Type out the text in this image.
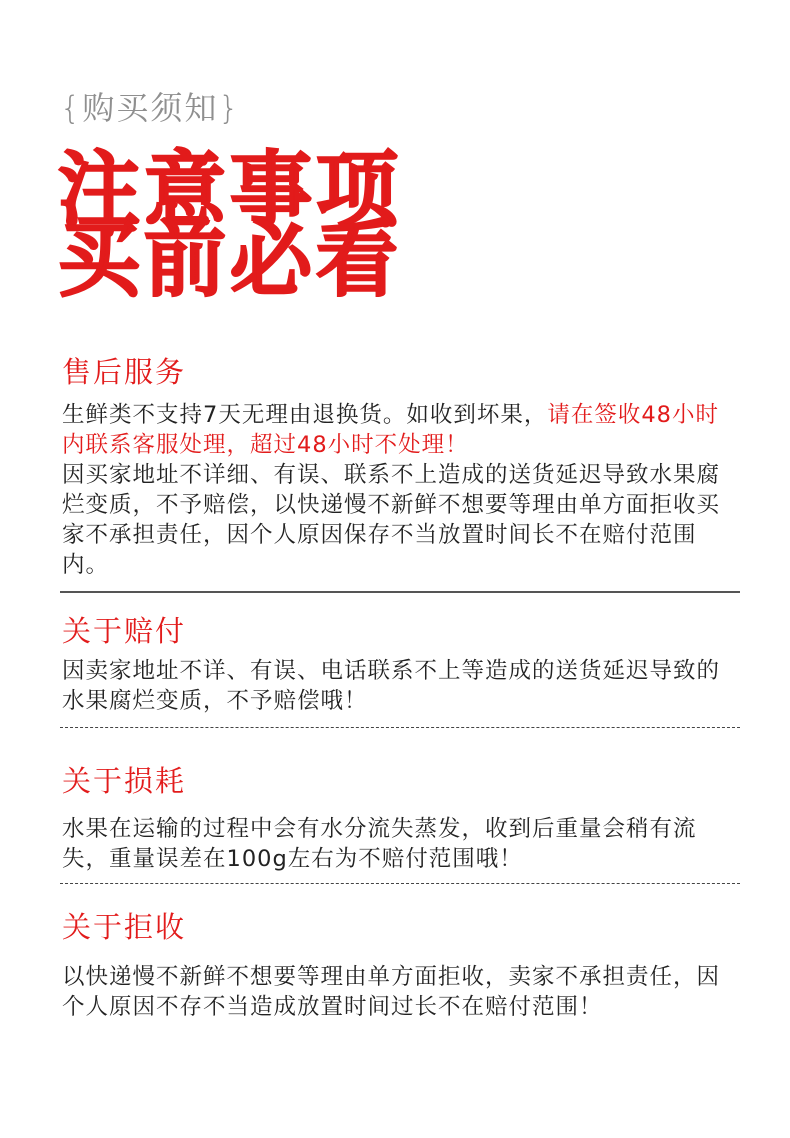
{购买须知}
注意事项
买前必看
售后服务

生鲜类不支持7天无理由退换货。如收到坏果，请在签收48小时内联系客服处理，超过48小时不处理！

因买家地址不详细、有误、联系不上造成的送货延迟导致水果腐烂变质，不予赔偿，以快递慢不新鲜不想要等理由单方面拒收买家不承担责任，因个人原因保存不当放置时间长不在赔付范围内。

关于赔付
因卖家地址不详、有误、电话联系不上等造成的送货延迟导致的水果腐烂变质，不予赔偿哦！
关于损耗
水果在运输的过程中会有水分流失蒸发，收到后重量会稍有流失，重量误差在100g左右为不赔付范围哦！
关于拒收
以快递慢不新鲜不想要等理由单方面拒收，卖家不承担责任，因个人原因不存不当造成放置时间过长不在赔付范围！
